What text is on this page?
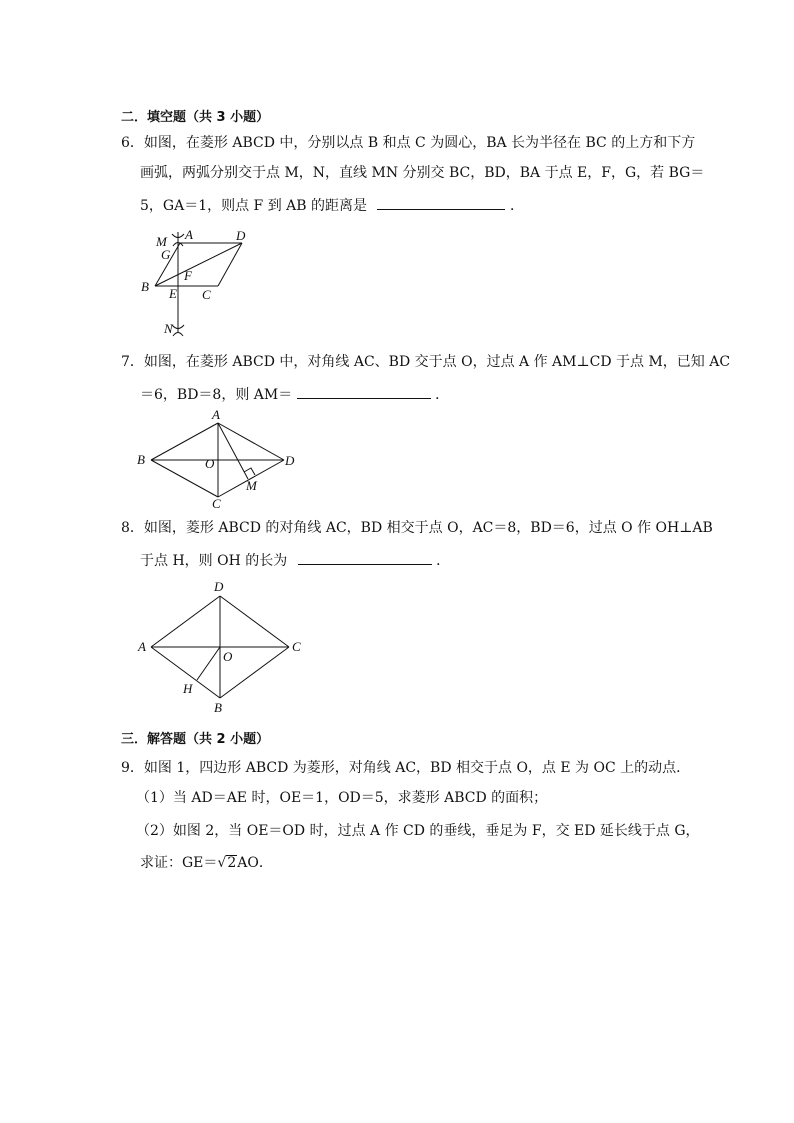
二．填空题（共 3 小题）
6．如图，在菱形 ABCD 中，分别以点 B 和点 C 为圆心，BA 长为半径在 BC 的上方和下方
画弧，两弧分别交于点 M，N，直线 MN 分别交 BC，BD，BA 于点 E，F，G，若 BG＝
5，GA＝1，则点 F 到 AB 的距离是	．
M A	D
G
F
B E C
N
7．如图，在菱形 ABCD 中，对角线 AC、BD 交于点 O，过点 A 作 AM⊥CD 于点 M，已知 AC
＝6，BD＝8，则 AM＝	．
A
B	O	D
M
C
8．如图，菱形 ABCD 的对角线 AC，BD 相交于点 O，AC＝8，BD＝6，过点 O 作 OH⊥AB
于点 H，则 OH 的长为	．
D
A
O
C
H
B
三．解答题（共 2 小题）
9．如图 1，四边形 ABCD 为菱形，对角线 AC，BD 相交于点 O，点 E 为 OC 上的动点．
（1）当 AD＝AE 时，OE＝1，OD＝5，求菱形 ABCD 的面积；
（2）如图 2，当 OE＝OD 时，过点 A 作 CD 的垂线，垂足为 F，交 ED 延长线于点 G，
求证：GE＝√2AO．
